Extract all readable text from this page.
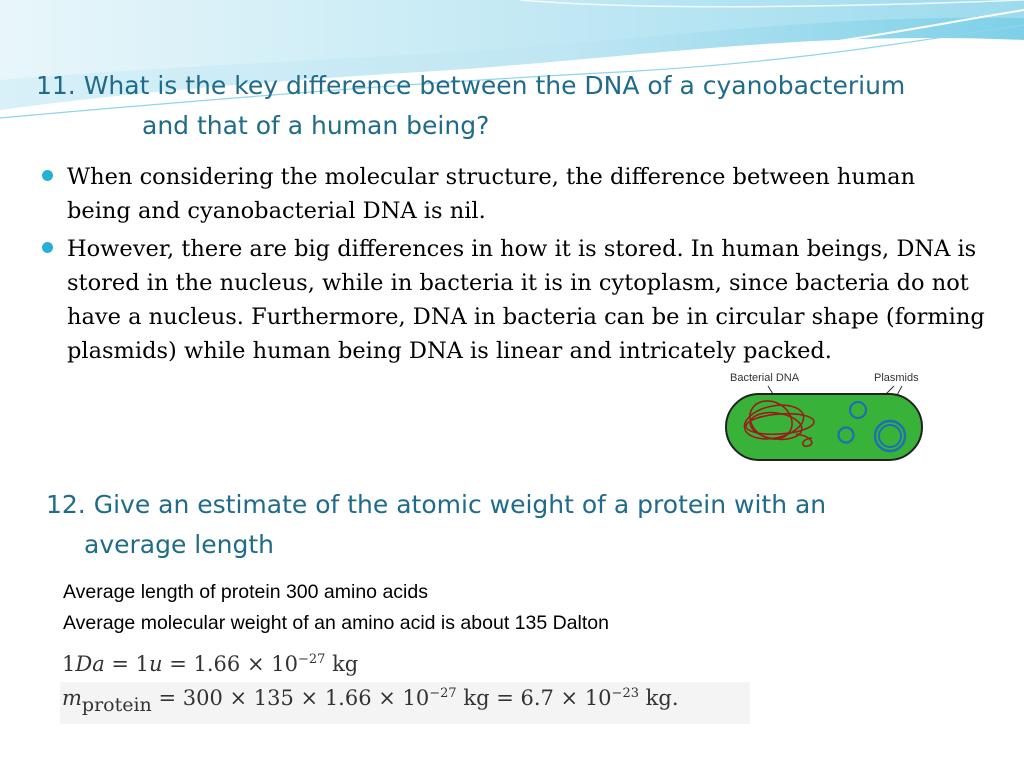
11. What is the key difference between the DNA of a cyanobacterium
and that of a human being?
When considering the molecular structure, the difference between human being and cyanobacterial DNA is nil.
However, there are big differences in how it is stored. In human beings, DNA is stored in the nucleus, while in bacteria it is in cytoplasm, since bacteria do not have a nucleus. Furthermore, DNA in bacteria can be in circular shape (forming plasmids) while human being DNA is linear and intricately packed.
Bacterial DNA	Plasmids
12. Give an estimate of the atomic weight of a protein with an
average length
Average length of protein 300 amino acids
Average molecular weight of an amino acid is about 135 Dalton
$1Da = 1u = 1.66 \times 10^{-27}$ kg
$m_{protein} = 300 \times 135 \times 1.66 \times 10^{-27}$ kg = $6.7 \times 10^{-23}$ kg.
